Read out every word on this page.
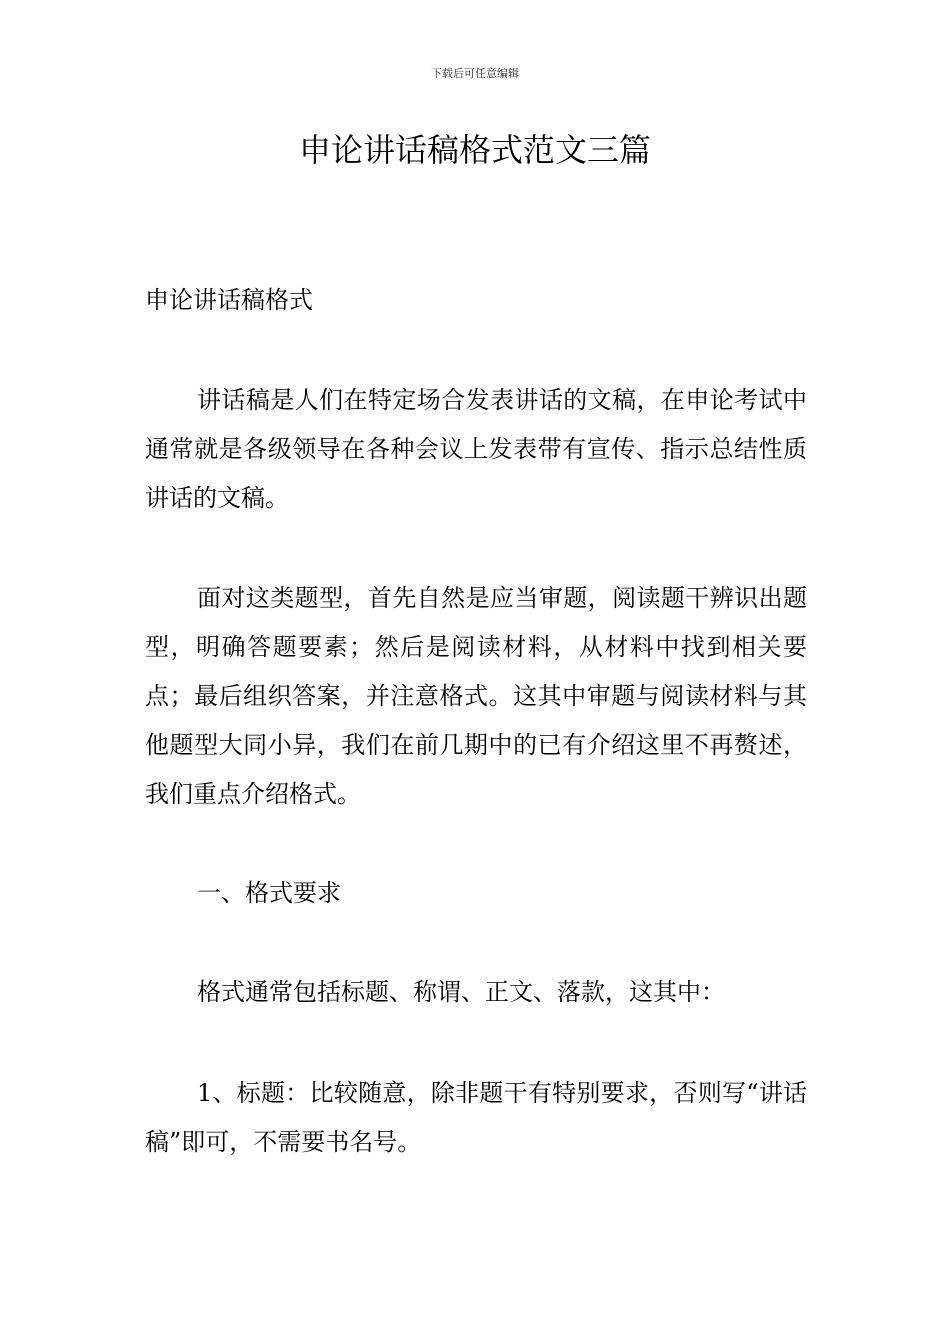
下载后可任意编辑
申论讲话稿格式范文三篇

申论讲话稿格式

讲话稿是人们在特定场合发表讲话的文稿，在申论考试中通常就是各级领导在各种会议上发表带有宣传、指示总结性质讲话的文稿。

面对这类题型，首先自然是应当审题，阅读题干辨识出题型，明确答题要素；然后是阅读材料，从材料中找到相关要点；最后组织答案，并注意格式。这其中审题与阅读材料与其他题型大同小异，我们在前几期中的已有介绍这里不再赘述，我们重点介绍格式。

一、格式要求

格式通常包括标题、称谓、正文、落款，这其中：

1、标题：比较随意，除非题干有特别要求，否则写“讲话稿”即可，不需要书名号。
